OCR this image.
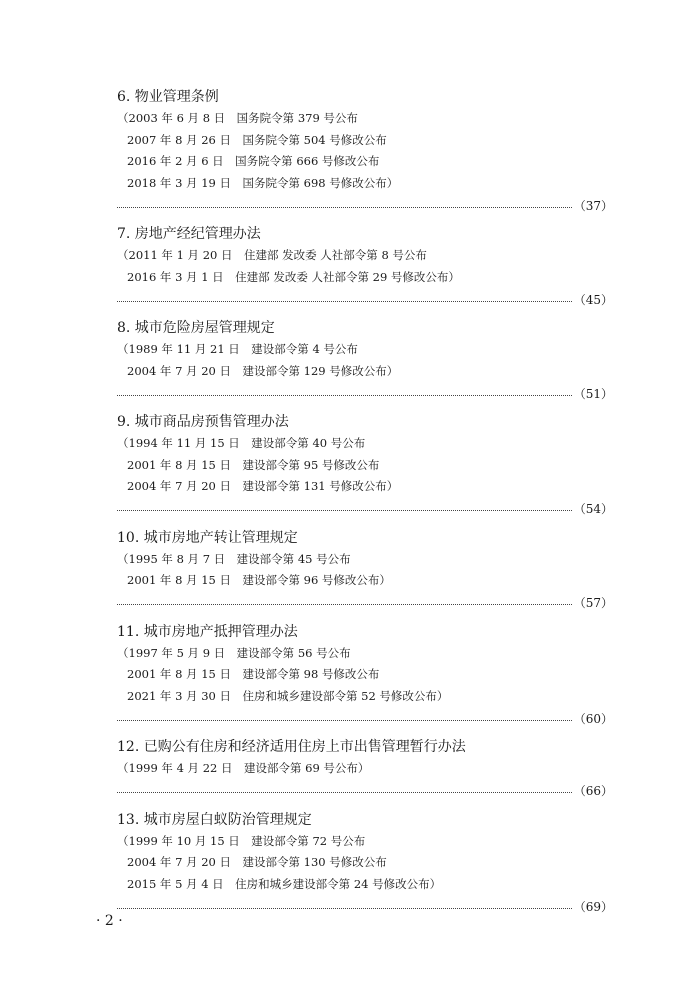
6. 物业管理条例
（2003 年 6 月 8 日　国务院令第 379 号公布
2007 年 8 月 26 日　国务院令第 504 号修改公布
2016 年 2 月 6 日　国务院令第 666 号修改公布
2018 年 3 月 19 日　国务院令第 698 号修改公布）
（37）
7. 房地产经纪管理办法
（2011 年 1 月 20 日　住建部 发改委 人社部令第 8 号公布
2016 年 3 月 1 日　住建部 发改委 人社部令第 29 号修改公布）
（45）
8. 城市危险房屋管理规定
（1989 年 11 月 21 日　建设部令第 4 号公布
2004 年 7 月 20 日　建设部令第 129 号修改公布）
（51）
9. 城市商品房预售管理办法
（1994 年 11 月 15 日　建设部令第 40 号公布
2001 年 8 月 15 日　建设部令第 95 号修改公布
2004 年 7 月 20 日　建设部令第 131 号修改公布）
（54）
10. 城市房地产转让管理规定
（1995 年 8 月 7 日　建设部令第 45 号公布
2001 年 8 月 15 日　建设部令第 96 号修改公布）
（57）
11. 城市房地产抵押管理办法
（1997 年 5 月 9 日　建设部令第 56 号公布
2001 年 8 月 15 日　建设部令第 98 号修改公布
2021 年 3 月 30 日　住房和城乡建设部令第 52 号修改公布）
（60）
12. 已购公有住房和经济适用住房上市出售管理暂行办法
（1999 年 4 月 22 日　建设部令第 69 号公布）
（66）
13. 城市房屋白蚁防治管理规定
（1999 年 10 月 15 日　建设部令第 72 号公布
2004 年 7 月 20 日　建设部令第 130 号修改公布
2015 年 5 月 4 日　住房和城乡建设部令第 24 号修改公布）
（69）
· 2 ·
